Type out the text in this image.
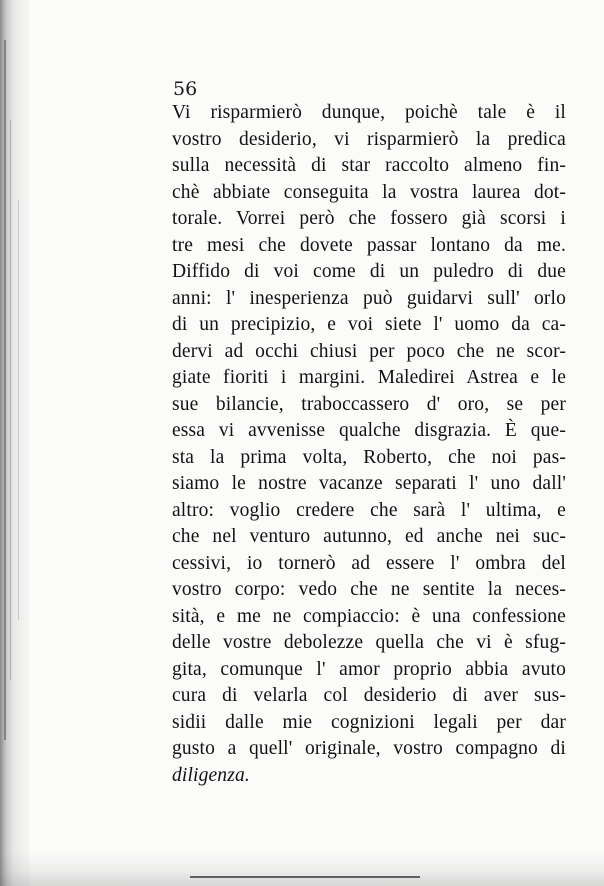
56
Vi risparmierò dunque, poichè tale è il
vostro desiderio, vi risparmierò la predica
sulla necessità di star raccolto almeno fin-
chè abbiate conseguita la vostra laurea dot-
torale. Vorrei però che fossero già scorsi i
tre mesi che dovete passar lontano da me.
Diffido di voi come di un puledro di due
anni: l' inesperienza può guidarvi sull' orlo
di un precipizio, e voi siete l' uomo da ca-
dervi ad occhi chiusi per poco che ne scor-
giate fioriti i margini. Maledirei Astrea e le
sue bilancie, traboccassero d' oro, se per
essa vi avvenisse qualche disgrazia. È que-
sta la prima volta, Roberto, che noi pas-
siamo le nostre vacanze separati l' uno dall'
altro: voglio credere che sarà l' ultima, e
che nel venturo autunno, ed anche nei suc-
cessivi, io tornerò ad essere l' ombra del
vostro corpo: vedo che ne sentite la neces-
sità, e me ne compiaccio: è una confessione
delle vostre debolezze quella che vi è sfug-
gita, comunque l' amor proprio abbia avuto
cura di velarla col desiderio di aver sus-
sidii dalle mie cognizioni legali per dar
gusto a quell' originale, vostro compagno di
diligenza.
